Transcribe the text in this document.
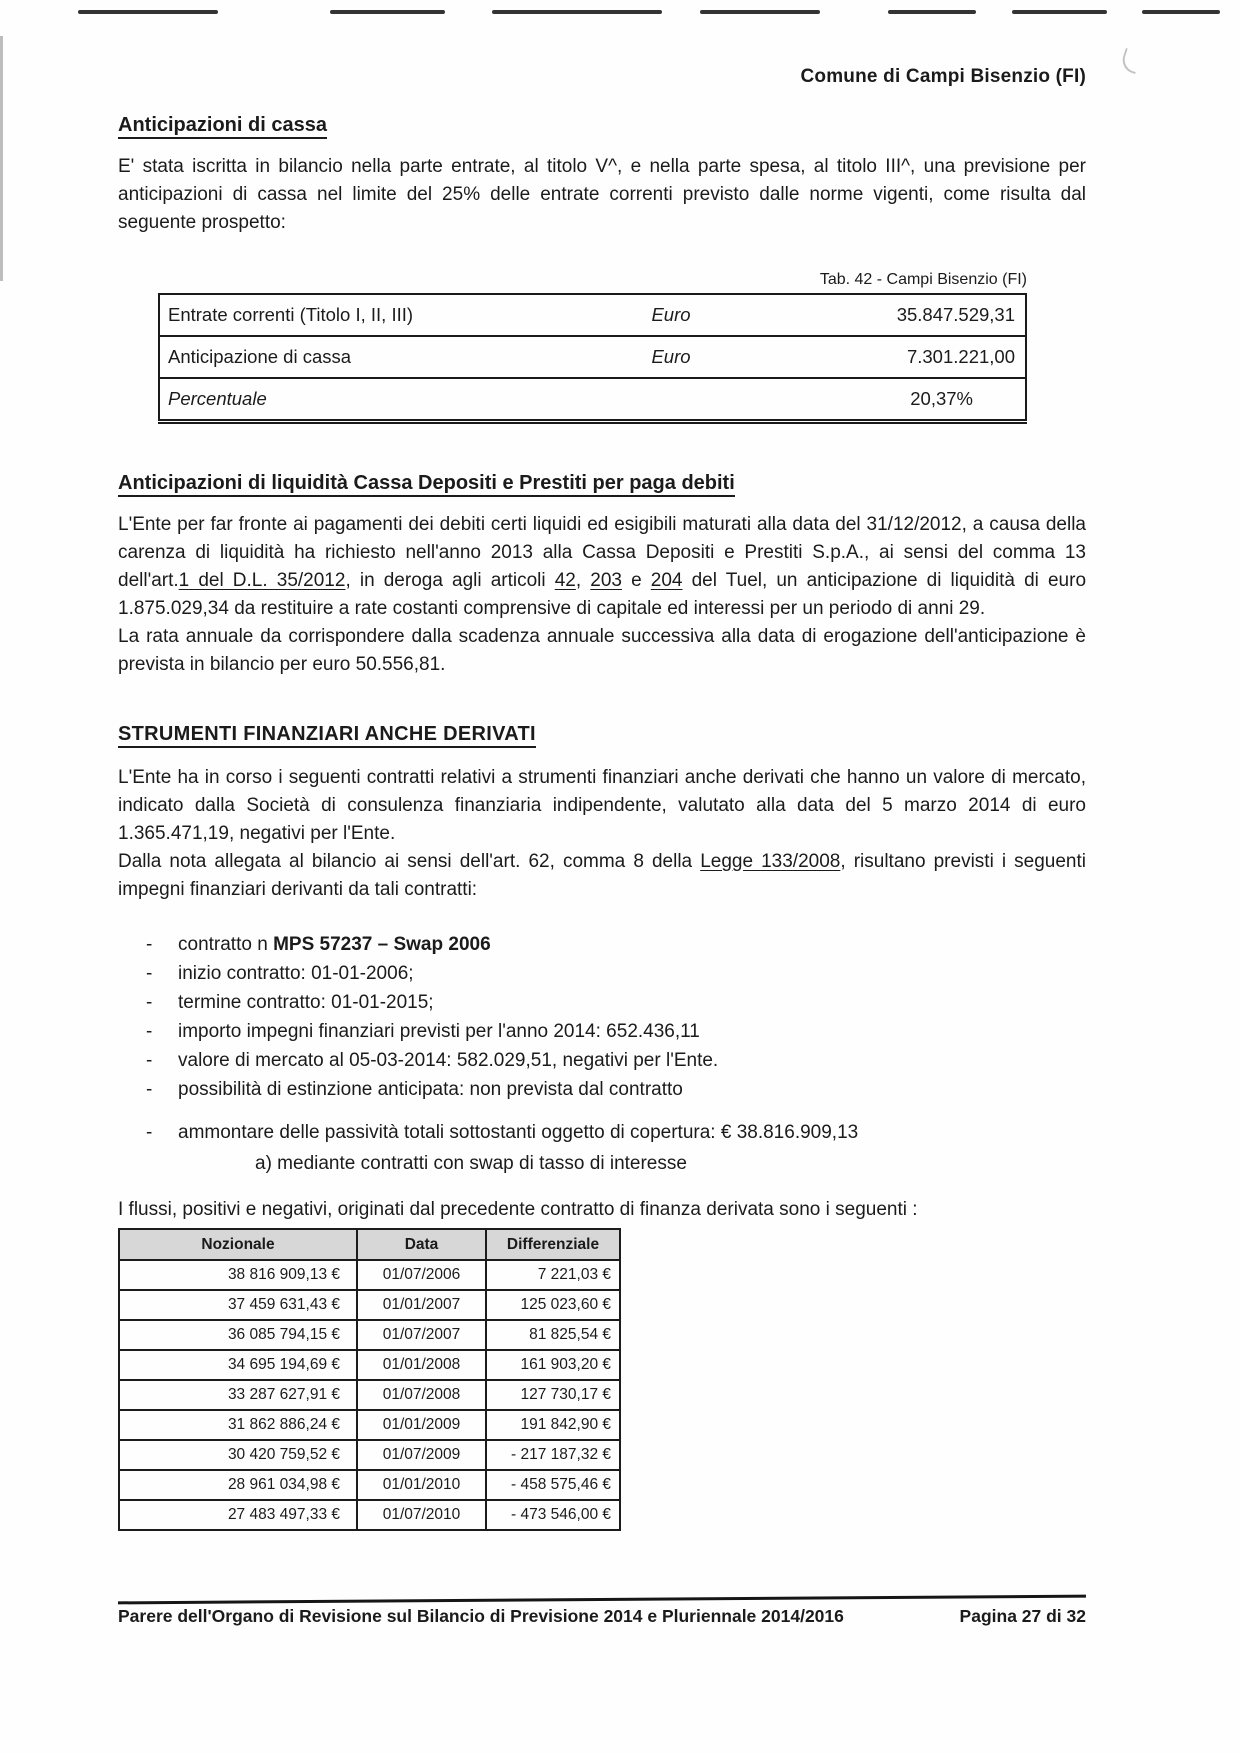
Comune di Campi Bisenzio (FI)
Anticipazioni di cassa

E' stata iscritta in bilancio nella parte entrate, al titolo V^, e nella parte spesa, al titolo III^, una previsione per anticipazioni di cassa nel limite del 25% delle entrate correnti previsto dalle norme vigenti, come risulta dal seguente prospetto:

Tab. 42 - Campi Bisenzio (FI)
Entrate correnti (Titolo I, II, III)	Euro	35.847.529,31
Anticipazione di cassa	Euro	7.301.221,00
Percentuale		20,37%
Anticipazioni di liquidità Cassa Depositi e Prestiti per paga debiti

L'Ente per far fronte ai pagamenti dei debiti certi liquidi ed esigibili maturati alla data del 31/12/2012, a causa della carenza di liquidità ha richiesto nell'anno 2013 alla Cassa Depositi e Prestiti S.p.A., ai sensi del comma 13 dell'art.1 del D.L. 35/2012, in deroga agli articoli 42, 203 e 204 del Tuel, un anticipazione di liquidità di euro 1.875.029,34 da restituire a rate costanti comprensive di capitale ed interessi per un periodo di anni 29.

La rata annuale da corrispondere dalla scadenza annuale successiva alla data di erogazione dell'anticipazione è prevista in bilancio per euro 50.556,81.

STRUMENTI FINANZIARI ANCHE DERIVATI

L'Ente ha in corso i seguenti contratti relativi a strumenti finanziari anche derivati che hanno un valore di mercato, indicato dalla Società di consulenza finanziaria indipendente, valutato alla data del 5 marzo 2014 di euro 1.365.471,19, negativi per l'Ente.

Dalla nota allegata al bilancio ai sensi dell'art. 62, comma 8 della Legge 133/2008, risultano previsti i seguenti impegni finanziari derivanti da tali contratti:

-	contratto n MPS 57237 – Swap 2006
-	inizio contratto: 01-01-2006;
-	termine contratto: 01-01-2015;
-	importo impegni finanziari previsti per l'anno 2014: 652.436,11
-	valore di mercato al 05-03-2014: 582.029,51, negativi per l'Ente.
-	possibilità di estinzione anticipata: non prevista dal contratto
-	ammontare delle passività totali sottostanti oggetto di copertura: € 38.816.909,13
a) mediante contratti con swap di tasso di interesse

I flussi, positivi e negativi, originati dal precedente contratto di finanza derivata sono i seguenti :

Nozionale	Data	Differenziale
38 816 909,13 €	01/07/2006	7 221,03 €
37 459 631,43 €	01/01/2007	125 023,60 €
36 085 794,15 €	01/07/2007	81 825,54 €
34 695 194,69 €	01/01/2008	161 903,20 €
33 287 627,91 €	01/07/2008	127 730,17 €
31 862 886,24 €	01/01/2009	191 842,90 €
30 420 759,52 €	01/07/2009	- 217 187,32 €
28 961 034,98 €	01/01/2010	- 458 575,46 €
27 483 497,33 €	01/07/2010	- 473 546,00 €
Parere dell'Organo di Revisione sul Bilancio di Previsione 2014 e Pluriennale 2014/2016	Pagina 27 di 32
